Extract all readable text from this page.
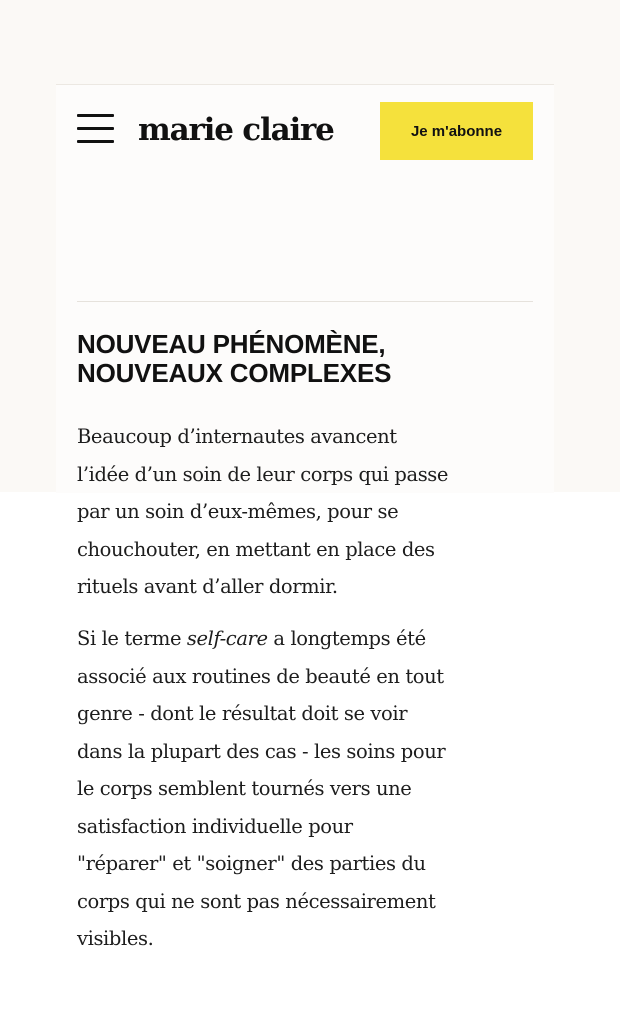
marie claire	Je m'abonne
NOUVEAU PHÉNOMÈNE,
NOUVEAUX COMPLEXES

Beaucoup d’internautes avancent
l’idée d’un soin de leur corps qui passe
par un soin d’eux-mêmes, pour se
chouchouter, en mettant en place des
rituels avant d’aller dormir.

Si le terme self-care a longtemps été
associé aux routines de beauté en tout
genre - dont le résultat doit se voir
dans la plupart des cas - les soins pour
le corps semblent tournés vers une
satisfaction individuelle pour
"réparer" et "soigner" des parties du
corps qui ne sont pas nécessairement
visibles.
